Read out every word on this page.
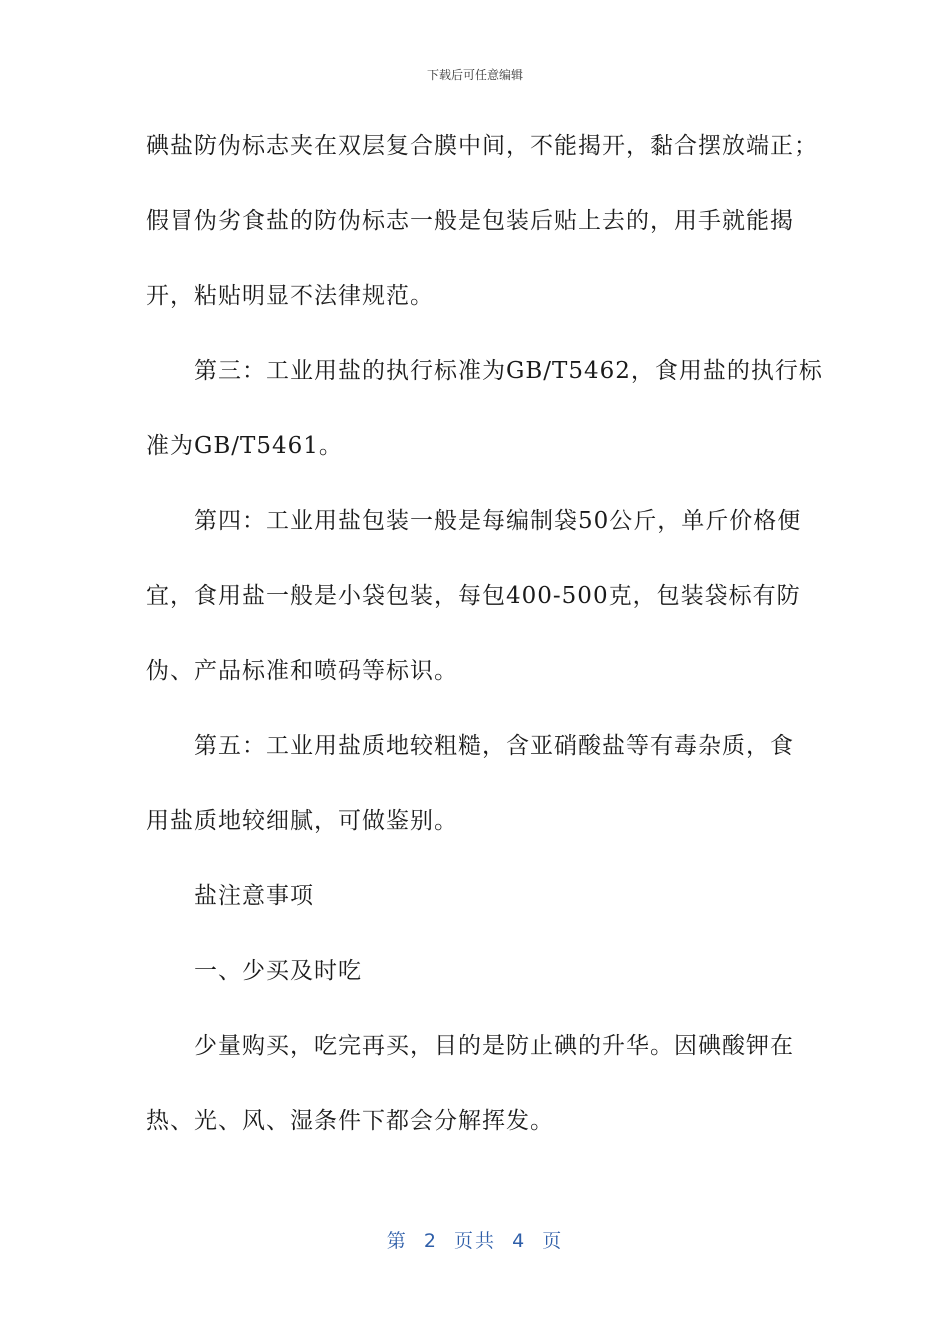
下载后可任意编辑
碘盐防伪标志夹在双层复合膜中间，不能揭开，黏合摆放端正；
假冒伪劣食盐的防伪标志一般是包装后贴上去的，用手就能揭
开，粘贴明显不法律规范。
第三：工业用盐的执行标准为GB/T5462，食用盐的执行标
准为GB/T5461。
第四：工业用盐包装一般是每编制袋50公斤，单斤价格便
宜，食用盐一般是小袋包装，每包400-500克，包装袋标有防
伪、产品标准和喷码等标识。
第五：工业用盐质地较粗糙，含亚硝酸盐等有毒杂质，食
用盐质地较细腻，可做鉴别。
盐注意事项
一、少买及时吃
少量购买，吃完再买，目的是防止碘的升华。因碘酸钾在
热、光、风、湿条件下都会分解挥发。
第  2  页共  4  页
